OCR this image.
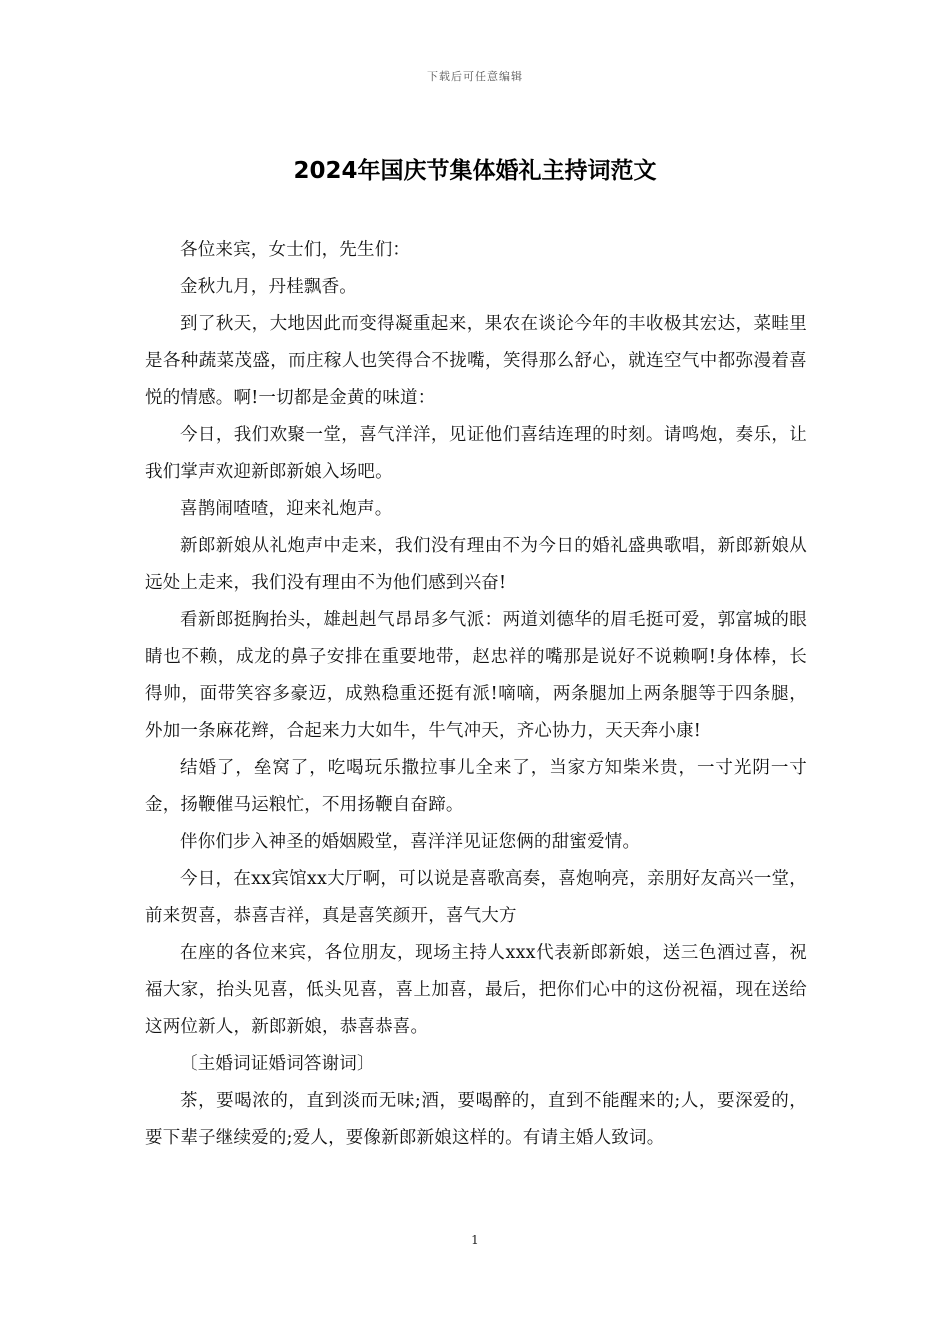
下载后可任意编辑
2024年国庆节集体婚礼主持词范文

各位来宾，女士们，先生们：

金秋九月，丹桂飘香。

到了秋天，大地因此而变得凝重起来，果农在谈论今年的丰收极其宏达，菜畦里是各种蔬菜茂盛，而庄稼人也笑得合不拢嘴，笑得那么舒心，就连空气中都弥漫着喜悦的情感。啊!一切都是金黄的味道：

今日，我们欢聚一堂，喜气洋洋，见证他们喜结连理的时刻。请鸣炮，奏乐，让我们掌声欢迎新郎新娘入场吧。

喜鹊闹喳喳，迎来礼炮声。

新郎新娘从礼炮声中走来，我们没有理由不为今日的婚礼盛典歌唱，新郎新娘从远处上走来，我们没有理由不为他们感到兴奋!

看新郎挺胸抬头，雄赳赳气昂昂多气派：两道刘德华的眉毛挺可爱，郭富城的眼睛也不赖，成龙的鼻子安排在重要地带，赵忠祥的嘴那是说好不说赖啊!身体棒，长得帅，面带笑容多豪迈，成熟稳重还挺有派!嘀嘀，两条腿加上两条腿等于四条腿，外加一条麻花辫，合起来力大如牛，牛气冲天，齐心协力，天天奔小康!

结婚了，垒窝了，吃喝玩乐撒拉事儿全来了，当家方知柴米贵，一寸光阴一寸金，扬鞭催马运粮忙，不用扬鞭自奋蹄。

伴你们步入神圣的婚姻殿堂，喜洋洋见证您俩的甜蜜爱情。

今日，在xx宾馆xx大厅啊，可以说是喜歌高奏，喜炮响亮，亲朋好友高兴一堂，前来贺喜，恭喜吉祥，真是喜笑颜开，喜气大方

在座的各位来宾，各位朋友，现场主持人xxx代表新郎新娘，送三色酒过喜，祝福大家，抬头见喜，低头见喜，喜上加喜，最后，把你们心中的这份祝福，现在送给这两位新人，新郎新娘，恭喜恭喜。

〔主婚词证婚词答谢词〕

茶，要喝浓的，直到淡而无味;酒，要喝醉的，直到不能醒来的;人，要深爱的，要下辈子继续爱的;爱人，要像新郎新娘这样的。有请主婚人致词。

1
